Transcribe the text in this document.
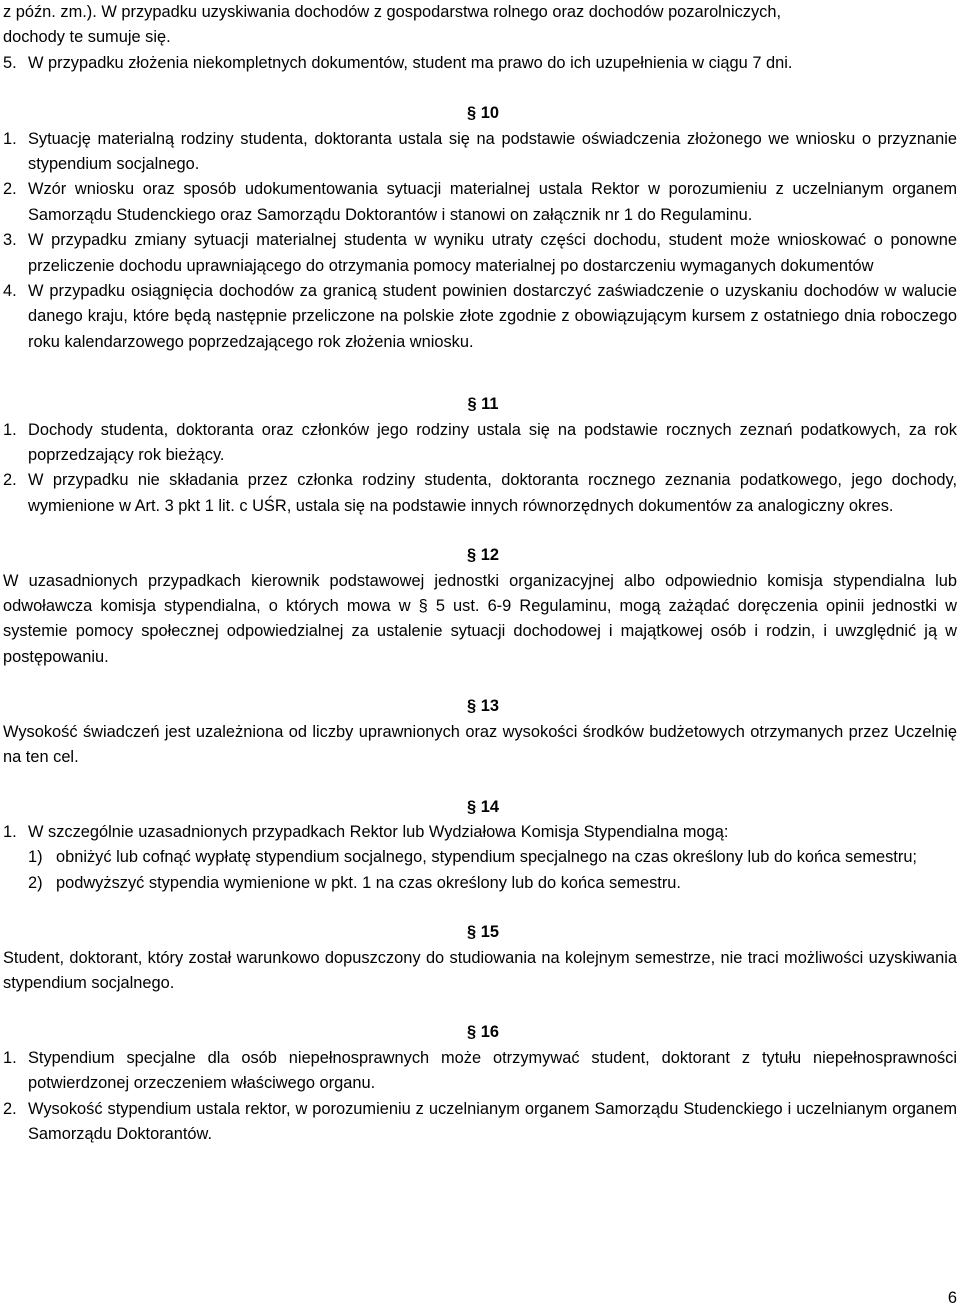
z późn. zm.). W przypadku uzyskiwania dochodów z gospodarstwa rolnego oraz dochodów pozarolniczych,

dochody te sumuje się.

5. W przypadku złożenia niekompletnych dokumentów, student ma prawo do ich uzupełnienia w ciągu 7 dni.
§ 10
1. Sytuację materialną rodziny studenta, doktoranta ustala się na podstawie oświadczenia złożonego we wniosku o przyznanie stypendium socjalnego.
2. Wzór wniosku oraz sposób udokumentowania sytuacji materialnej ustala Rektor w porozumieniu z uczelnianym organem Samorządu Studenckiego oraz Samorządu Doktorantów i stanowi on załącznik nr 1 do Regulaminu.
3. W przypadku zmiany sytuacji materialnej studenta w wyniku utraty części dochodu, student może wnioskować o ponowne przeliczenie dochodu uprawniającego do otrzymania pomocy materialnej po dostarczeniu wymaganych dokumentów
4. W przypadku osiągnięcia dochodów za granicą student powinien dostarczyć zaświadczenie o uzyskaniu dochodów w walucie danego kraju, które będą następnie przeliczone na polskie złote zgodnie z obowiązującym kursem z ostatniego dnia roboczego roku kalendarzowego poprzedzającego rok złożenia wniosku.
§ 11
1. Dochody studenta, doktoranta oraz członków jego rodziny ustala się na podstawie rocznych zeznań podatkowych, za rok poprzedzający rok bieżący.
2. W przypadku nie składania przez członka rodziny studenta, doktoranta rocznego zeznania podatkowego, jego dochody, wymienione w Art. 3 pkt 1 lit. c UŚR, ustala się na podstawie innych równorzędnych dokumentów za analogiczny okres.
§ 12

W uzasadnionych przypadkach kierownik podstawowej jednostki organizacyjnej albo odpowiednio komisja stypendialna lub odwoławcza komisja stypendialna, o których mowa w § 5 ust. 6-9 Regulaminu, mogą zażądać doręczenia opinii jednostki w systemie pomocy społecznej odpowiedzialnej za ustalenie sytuacji dochodowej i majątkowej osób i rodzin, i uwzględnić ją w postępowaniu.

§ 13

Wysokość świadczeń jest uzależniona od liczby uprawnionych oraz wysokości środków budżetowych otrzymanych przez Uczelnię na ten cel.

§ 14
1. W szczególnie uzasadnionych przypadkach Rektor lub Wydziałowa Komisja Stypendialna mogą:
1) obniżyć lub cofnąć wypłatę stypendium socjalnego, stypendium specjalnego na czas określony lub do końca semestru;
2) podwyższyć stypendia wymienione w pkt. 1 na czas określony lub do końca semestru.
§ 15

Student, doktorant, który został warunkowo dopuszczony do studiowania na kolejnym semestrze, nie traci możliwości uzyskiwania stypendium socjalnego.

§ 16
1. Stypendium specjalne dla osób niepełnosprawnych może otrzymywać student, doktorant z tytułu niepełnosprawności potwierdzonej orzeczeniem właściwego organu.
2. Wysokość stypendium ustala rektor, w porozumieniu z uczelnianym organem Samorządu Studenckiego i uczelnianym organem Samorządu Doktorantów.
6
